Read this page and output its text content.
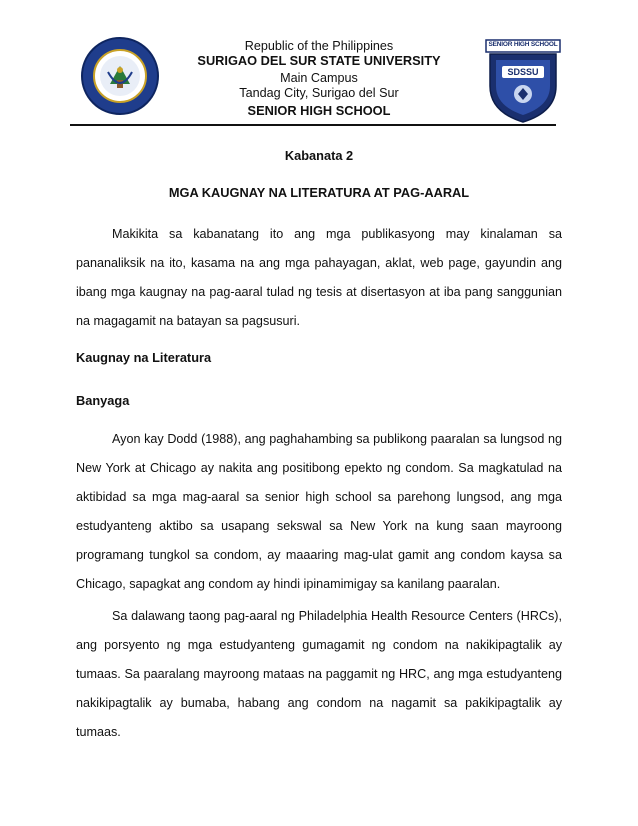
SENIOR HIGH SCHOOL
SDSSU
Republic of the Philippines
SURIGAO DEL SUR STATE UNIVERSITY
Main Campus
Tandag City, Surigao del Sur
SENIOR HIGH SCHOOL
Kabanata 2
MGA KAUGNAY NA LITERATURA AT PAG-AARAL
Makikita sa kabanatang ito ang mga publikasyong may kinalaman sa
pananaliksik na ito, kasama na ang mga pahayagan, aklat, web page, gayundin ang
ibang mga kaugnay na pag-aaral tulad ng tesis at disertasyon at iba pang sanggunian
na magagamit na batayan sa pagsusuri.
Kaugnay na Literatura
Banyaga
Ayon kay Dodd (1988), ang paghahambing sa publikong paaralan sa lungsod ng
New York at Chicago ay nakita ang positibong epekto ng condom. Sa magkatulad na
aktibidad sa mga mag-aaral sa senior high school sa parehong lungsod, ang mga
estudyanteng aktibo sa usapang sekswal sa New York na kung saan mayroong
programang tungkol sa condom, ay maaaring mag-ulat gamit ang condom kaysa sa
Chicago, sapagkat ang condom ay hindi ipinamimigay sa kanilang paaralan.
Sa dalawang taong pag-aaral ng Philadelphia Health Resource Centers (HRCs),
ang porsyento ng mga estudyanteng gumagamit ng condom na nakikipagtalik ay
tumaas. Sa paaralang mayroong mataas na paggamit ng HRC, ang mga estudyanteng
nakikipagtalik ay bumaba, habang ang condom na nagamit sa pakikipagtalik ay tumaas.
